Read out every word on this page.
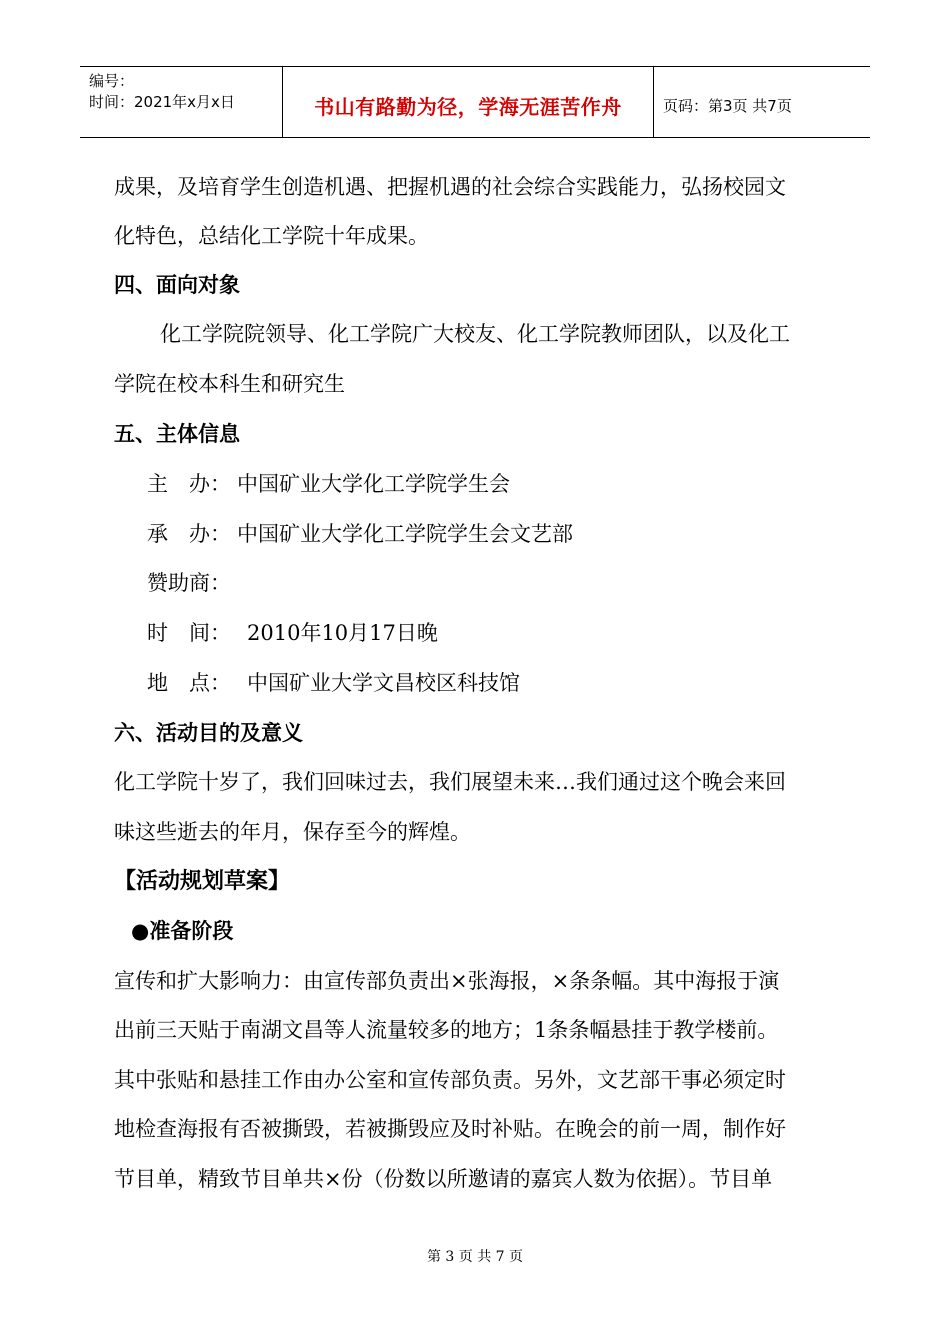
编号：
时间：2021年x月x日	书山有路勤为径，学海无涯苦作舟	页码：第3页 共7页
成果，及培育学生创造机遇、把握机遇的社会综合实践能力，弘扬校园文
化特色，总结化工学院十年成果。
四、面向对象
化工学院院领导、化工学院广大校友、化工学院教师团队，以及化工
学院在校本科生和研究生
五、主体信息
主　办： 中国矿业大学化工学院学生会
承　办： 中国矿业大学化工学院学生会文艺部
赞助商：
时　间： 2010年10月17日晚
地　点： 中国矿业大学文昌校区科技馆
六、活动目的及意义
化工学院十岁了，我们回味过去，我们展望未来…我们通过这个晚会来回
味这些逝去的年月，保存至今的辉煌。
【活动规划草案】
●准备阶段
宣传和扩大影响力：由宣传部负责出×张海报，×条条幅。其中海报于演
出前三天贴于南湖文昌等人流量较多的地方；1条条幅悬挂于教学楼前。
其中张贴和悬挂工作由办公室和宣传部负责。另外，文艺部干事必须定时
地检查海报有否被撕毁，若被撕毁应及时补贴。在晚会的前一周，制作好
节目单，精致节目单共×份（份数以所邀请的嘉宾人数为依据）。节目单
第 3 页 共 7 页
